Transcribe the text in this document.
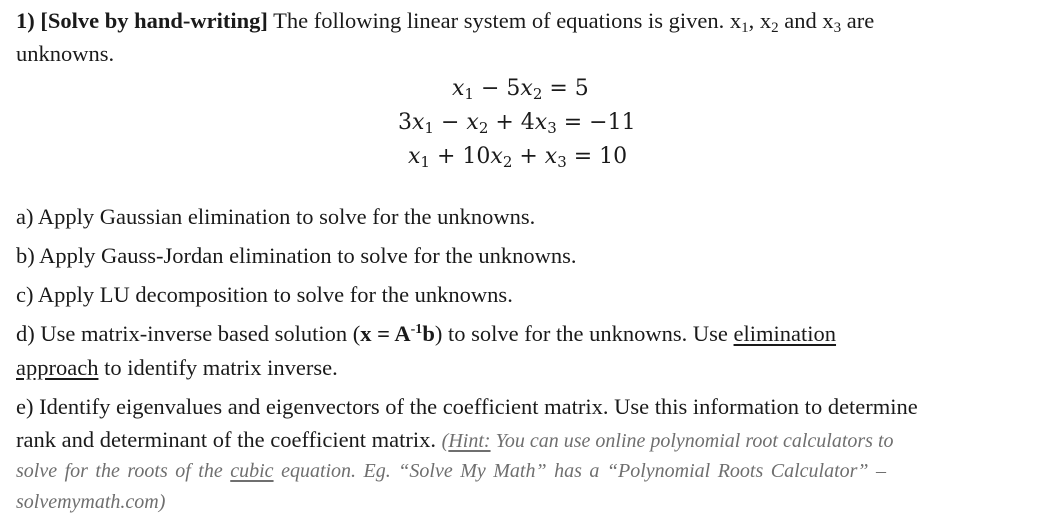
1) [Solve by hand-writing] The following linear system of equations is given. $x_1$, $x_2$ and $x_3$ are
unknowns.
$x_1 - 5x_2 = 5$
$3x_1 - x_2 + 4x_3 = -11$
$x_1 + 10x_2 + x_3 = 10$
a) Apply Gaussian elimination to solve for the unknowns.
b) Apply Gauss-Jordan elimination to solve for the unknowns.
c) Apply LU decomposition to solve for the unknowns.
d) Use matrix-inverse based solution $(x = A^{-1}b)$ to solve for the unknowns. Use elimination
approach to identify matrix inverse.
e) Identify eigenvalues and eigenvectors of the coefficient matrix. Use this information to determine
rank and determinant of the coefficient matrix. (Hint: You can use online polynomial root calculators to
solve for the roots of the cubic equation. Eg. “Solve My Math” has a “Polynomial Roots Calculator” –
solvemymath.com)
